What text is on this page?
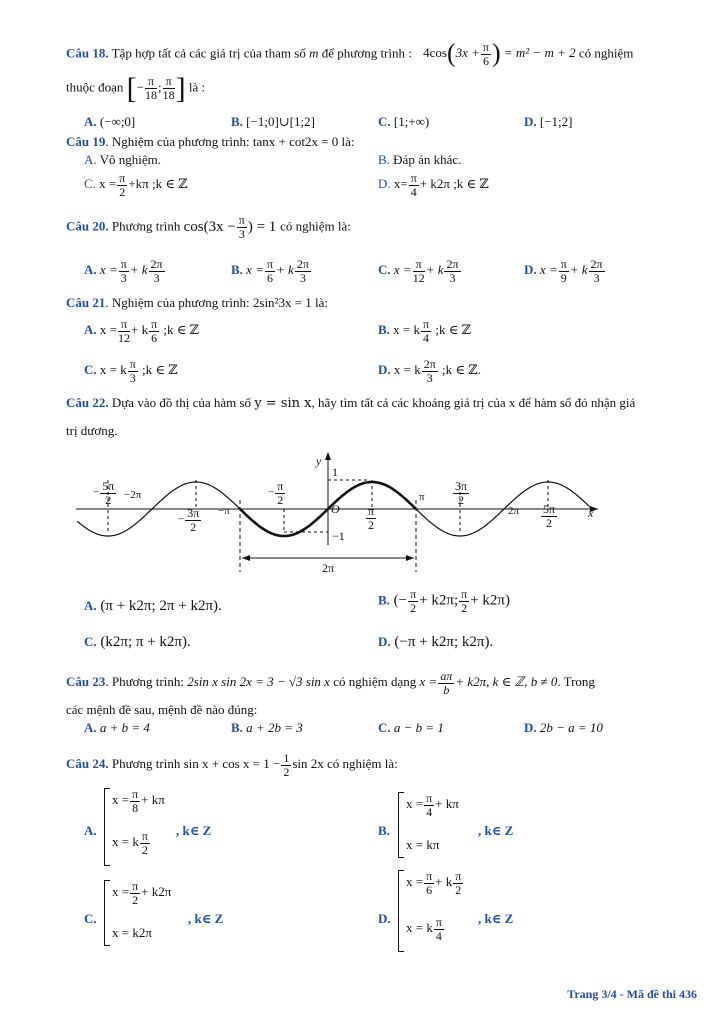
Câu 18. Tập hợp tất cả các giá trị của tham số m để phương trình : $4\cos(3x + \frac{\pi}{6}$ ) = m² − m + 2 có nghiệm
thuộc đoạn [− $\frac{\pi}{18}$ ; $\frac{\pi}{18}$ ] là :
A. (−∞;0]	B. [−1;0]∪[1;2]	C. [1;+∞)	D. [−1;2]
Câu 19. Nghiệm của phương trình: tanx + cot2x = 0 là:
A. Vô nghiệm.	B. Đáp án khác.
C. $x = \frac{\pi}{2} +k\pi$ ;k ∈ ℤ	D. $x= \frac{\pi}{4} + k2\pi$ ;k ∈ ℤ
Câu 20. Phương trình $\cos(3x - \frac{\pi}{3}$ ) = 1 có nghiệm là:
A. $x = \frac{\pi}{3} + k \frac{2\pi}{3}$	B. $x = \frac{\pi}{6} + k \frac{2\pi}{3}$	C. $x = \frac{\pi}{12} + k \frac{2\pi}{3}$	D. $x = \frac{\pi}{9} + k \frac{2\pi}{3}$
Câu 21. Nghiệm của phương trình: 2sin²3x = 1 là:
A. $x = \frac{\pi}{12} + k \frac{\pi}{6}$ ;k ∈ ℤ	B. x = k $\frac{\pi}{4}$ ;k ∈ ℤ
C. x = k $\frac{\pi}{3}$ ;k ∈ ℤ	D. x = k $\frac{2\pi}{3}$ ;k ∈ ℤ.
Câu 22. Dựa vào đồ thị của hàm số y = sin x, hãy tìm tất cả các khoảng giá trị của x để hàm số đó nhận giá
trị dương.
y
x
O
1
−1
2π
− $\frac{5\pi}{2} -2\pi$
− $\frac{3\pi}{2} -\pi$
− $\frac{\pi}{2}$
$\frac{\pi}{2}$
π $\frac{3\pi}{2}$
$2\pi \frac{5\pi}{2}$
A. (π + k2π; 2π + k2π).	B. (− $\frac{\pi}{2} + k2\pi$; $\frac{\pi}{2} + k2\pi$)
C. (k2π; π + k2π).	D. (−π + k2π; k2π).
Câu 23. Phương trình: 2sin x sin 2x = 3 − √3 sin x có nghiệm dạng $x = \frac{a\pi}{b} + k2\pi$, k ∈ ℤ, b ≠ 0. Trong
các mệnh đề sau, mệnh đề nào đúng:
A. a + b = 4	B. a + 2b = 3	C. a − b = 1	D. 2b − a = 10
Câu 24. Phương trình $\sin x + \cos x = 1 - \frac{1}{2}$ sin 2x có nghiệm là:
A.
$x = \frac{\pi}{8} + k\pi$
x = k $\frac{\pi}{2}$ , k∈ Z	B.
$x = \frac{\pi}{4} + k\pi$
x = kπ
, k∈ Z
C.
$x = \frac{\pi}{2} + k2\pi$
x = k2π
, k∈ Z	D.
$x = \frac{\pi}{6} + k \frac{\pi}{2}$
x = k $\frac{\pi}{4}$	, k∈ Z
Trang 3/4 - Mã đề thi 436
